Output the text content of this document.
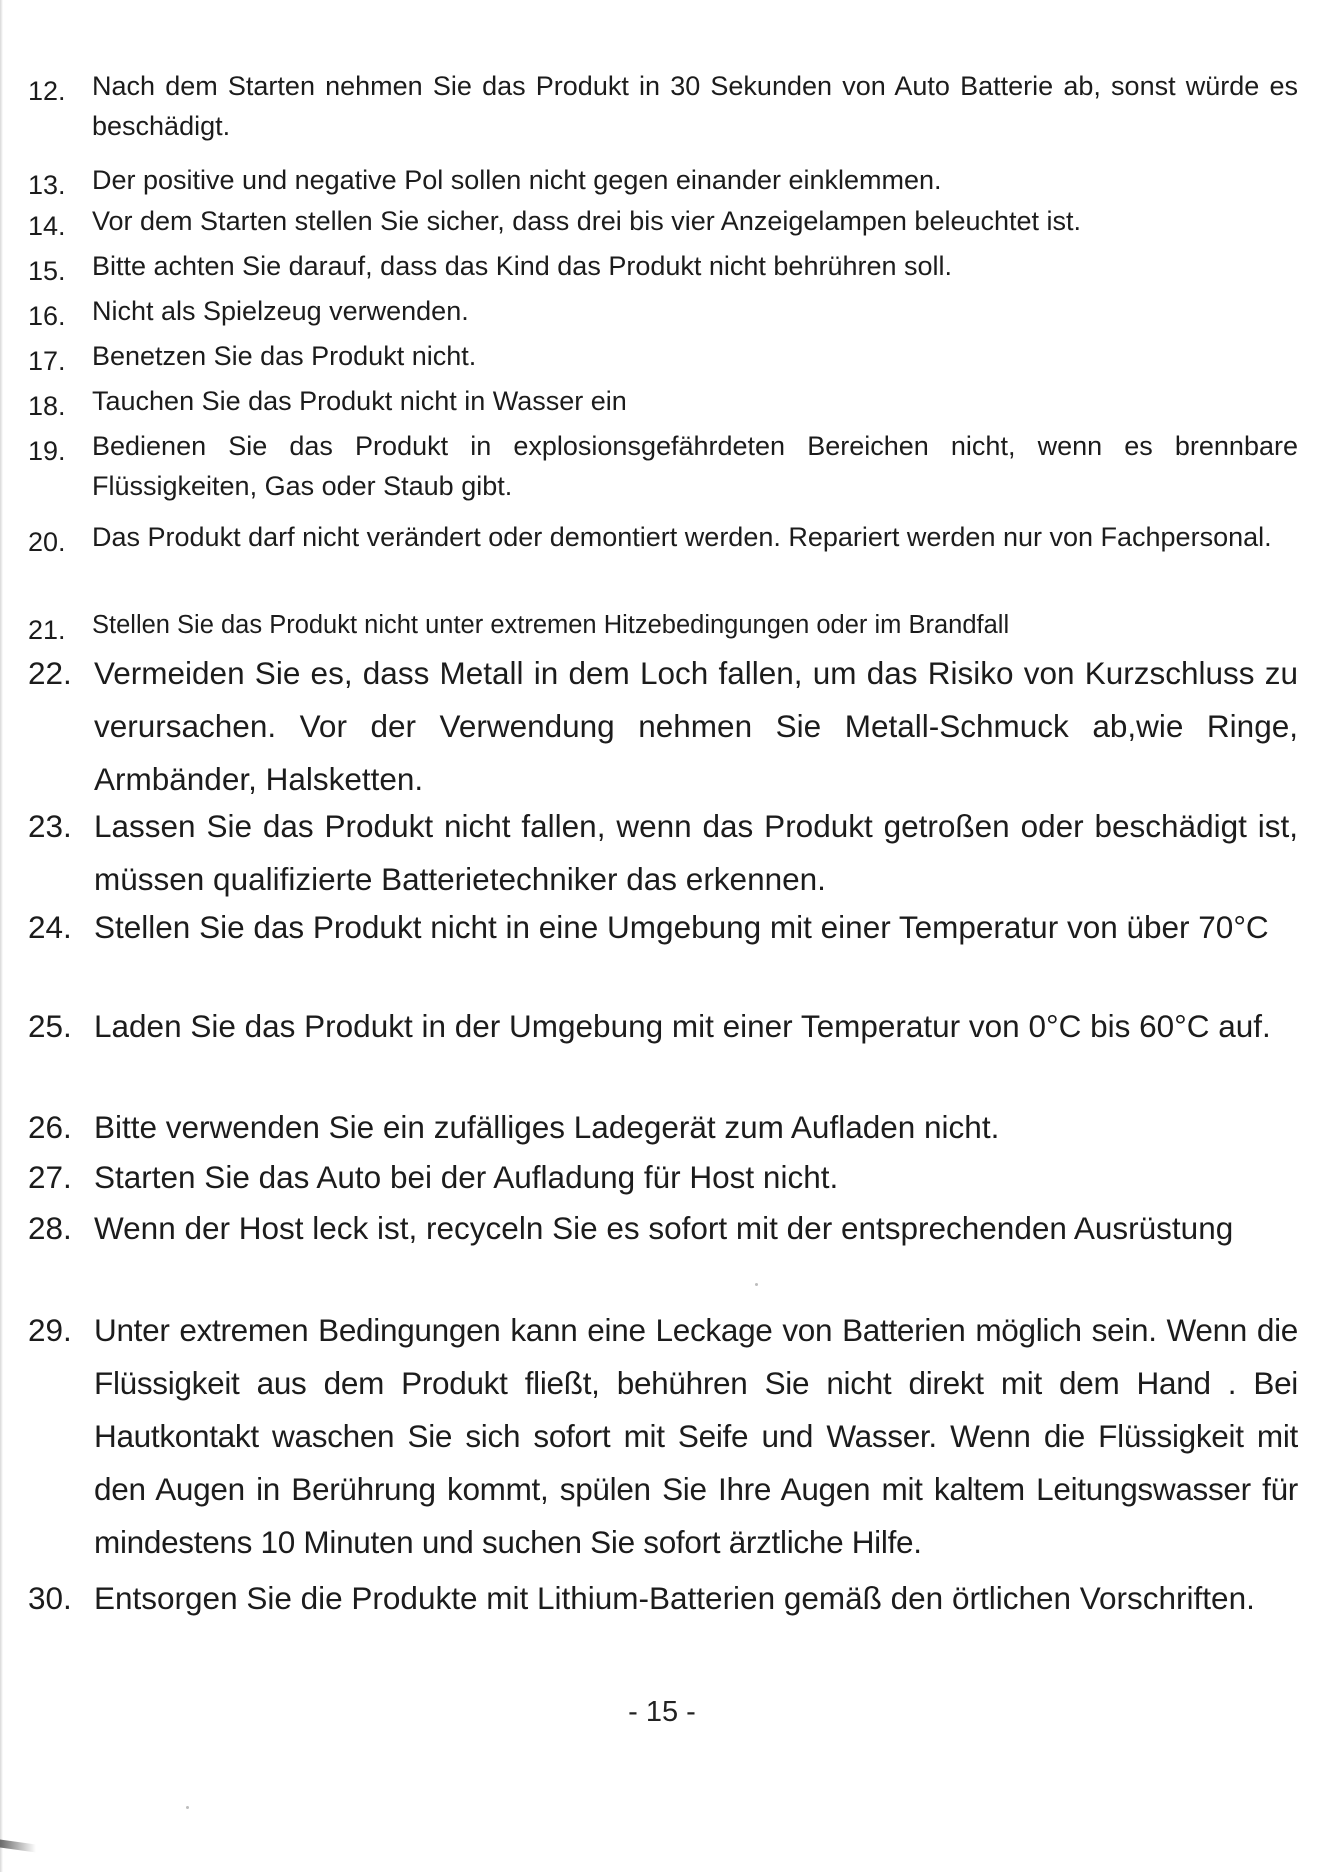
12. Nach dem Starten nehmen Sie das Produkt in 30 Sekunden von Auto Batterie ab, sonst würde es beschädigt.
13. Der positive und negative Pol sollen nicht gegen einander einklemmen.
14. Vor dem Starten stellen Sie sicher, dass drei bis vier Anzeigelampen beleuchtet ist.
15. Bitte achten Sie darauf, dass das Kind das Produkt nicht behrühren soll.
16. Nicht als Spielzeug verwenden.
17. Benetzen Sie das Produkt nicht.
18. Tauchen Sie das Produkt nicht in Wasser ein
19. Bedienen Sie das Produkt in explosionsgefährdeten Bereichen nicht, wenn es brennbare Flüssigkeiten, Gas oder Staub gibt.
20. Das Produkt darf nicht verändert oder demontiert werden. Repariert werden nur von Fachpersonal.
21.	Stellen Sie das Produkt nicht unter extremen Hitzebedingungen oder im Brandfall
22. Vermeiden Sie es, dass Metall in dem Loch fallen, um das Risiko von Kurzschluss zu verursachen. Vor der Verwendung nehmen Sie Metall-Schmuck ab,wie Ringe, Armbänder, Halsketten.
23. Lassen Sie das Produkt nicht fallen, wenn das Produkt getroßen oder beschädigt ist, müssen qualifizierte Batterietechniker das erkennen.
24. Stellen Sie das Produkt nicht in eine Umgebung mit einer Temperatur von über 70°C
25. Laden Sie das Produkt in der Umgebung mit einer Temperatur von 0°C bis 60°C auf.
26. Bitte verwenden Sie ein zufälliges Ladegerät zum Aufladen nicht.
27. Starten Sie das Auto bei der Aufladung für Host nicht.
28. Wenn der Host leck ist, recyceln Sie es sofort mit der entsprechenden Ausrüstung
29. Unter extremen Bedingungen kann eine Leckage von Batterien möglich sein. Wenn die Flüssigkeit aus dem Produkt fließt, behühren Sie nicht direkt mit dem Hand . Bei Hautkontakt waschen Sie sich sofort mit Seife und Wasser. Wenn die Flüssigkeit mit den Augen in Berührung kommt, spülen Sie Ihre Augen mit kaltem Leitungswasser für mindestens 10 Minuten und suchen Sie sofort ärztliche Hilfe.
30. Entsorgen Sie die Produkte mit Lithium-Batterien gemäß den örtlichen Vorschriften.
- 15 -
